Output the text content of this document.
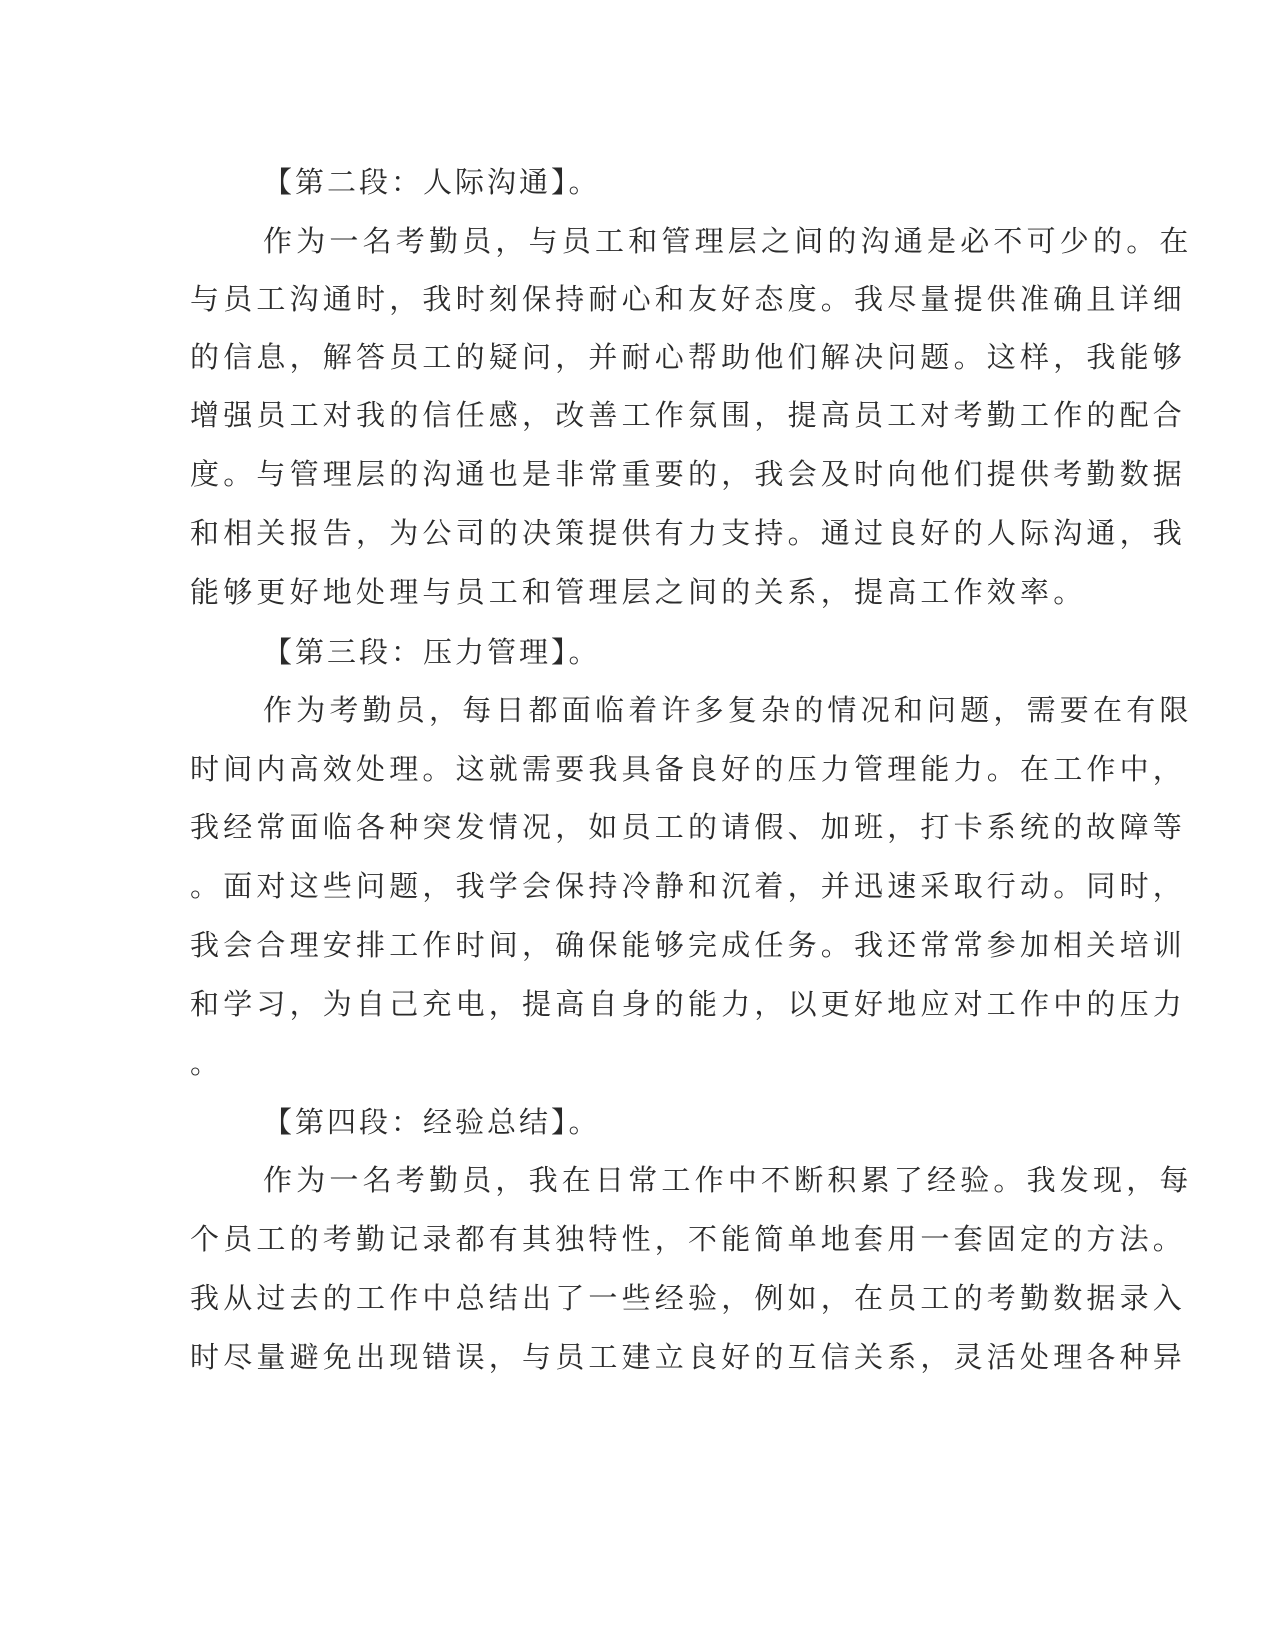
【第二段：人际沟通】。
作为一名考勤员，与员工和管理层之间的沟通是必不可少的。在
与员工沟通时，我时刻保持耐心和友好态度。我尽量提供准确且详细
的信息，解答员工的疑问，并耐心帮助他们解决问题。这样，我能够
增强员工对我的信任感，改善工作氛围，提高员工对考勤工作的配合
度。与管理层的沟通也是非常重要的，我会及时向他们提供考勤数据
和相关报告，为公司的决策提供有力支持。通过良好的人际沟通，我
能够更好地处理与员工和管理层之间的关系，提高工作效率。
【第三段：压力管理】。
作为考勤员，每日都面临着许多复杂的情况和问题，需要在有限
时间内高效处理。这就需要我具备良好的压力管理能力。在工作中，
我经常面临各种突发情况，如员工的请假、加班，打卡系统的故障等
。面对这些问题，我学会保持冷静和沉着，并迅速采取行动。同时，
我会合理安排工作时间，确保能够完成任务。我还常常参加相关培训
和学习，为自己充电，提高自身的能力，以更好地应对工作中的压力
。
【第四段：经验总结】。
作为一名考勤员，我在日常工作中不断积累了经验。我发现，每
个员工的考勤记录都有其独特性，不能简单地套用一套固定的方法。
我从过去的工作中总结出了一些经验，例如，在员工的考勤数据录入
时尽量避免出现错误，与员工建立良好的互信关系，灵活处理各种异
